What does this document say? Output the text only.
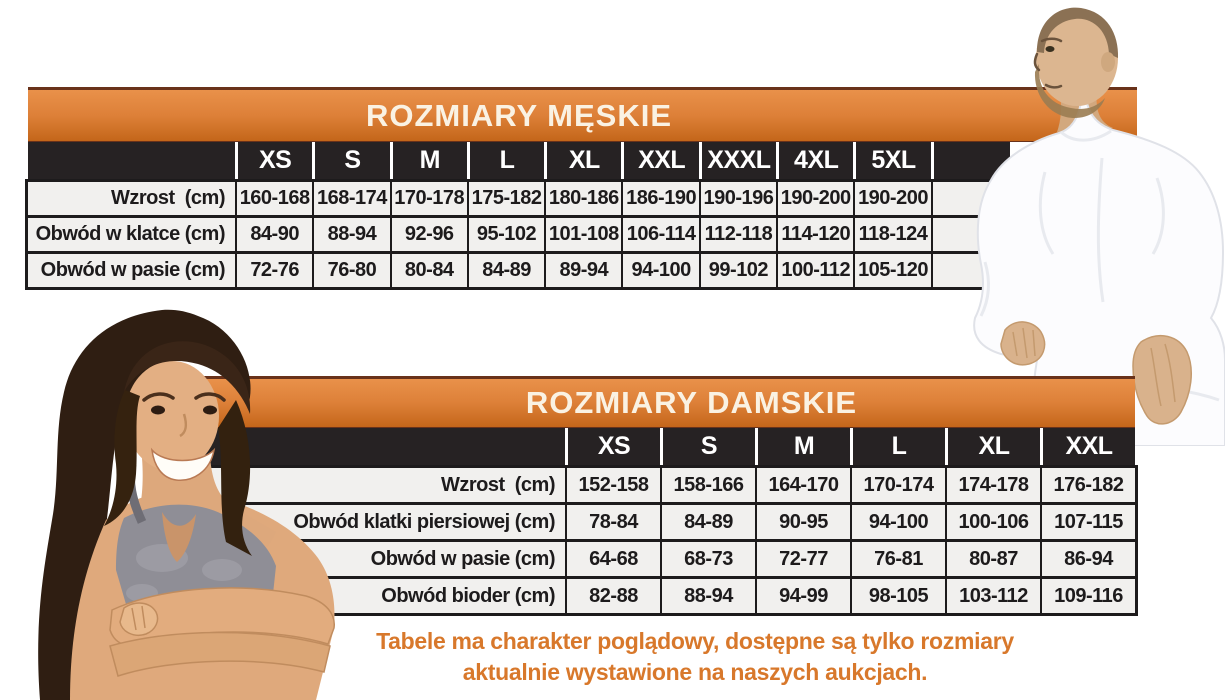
ROZMIARY MĘSKIE
XS	S	M	L	XL	XXL XXXL 4XL	5XL
Wzrost  (cm) 160-168 168-174 170-178 175-182 180-186 186-190 190-196 190-200 190-200
Obwód w klatce (cm)	84-90	88-94	92-96	95-102 101-108 106-114 112-118 114-120 118-124
Obwód w pasie (cm)	72-76	76-80	80-84	84-89	89-94	94-100 99-102 100-112 105-120
ROZMIARY DAMSKIE
XS	S	M	L	XL	XXL
Wzrost  (cm)	152-158	158-166	164-170	170-174	174-178	176-182
Obwód klatki piersiowej (cm)	78-84	84-89	90-95	94-100	100-106	107-115
Obwód w pasie (cm)	64-68	68-73	72-77	76-81	80-87	86-94
Obwód bioder (cm)	82-88	88-94	94-99	98-105	103-112	109-116
Tabele ma charakter poglądowy, dostępne są tylko rozmiary
aktualnie wystawione na naszych aukcjach.
